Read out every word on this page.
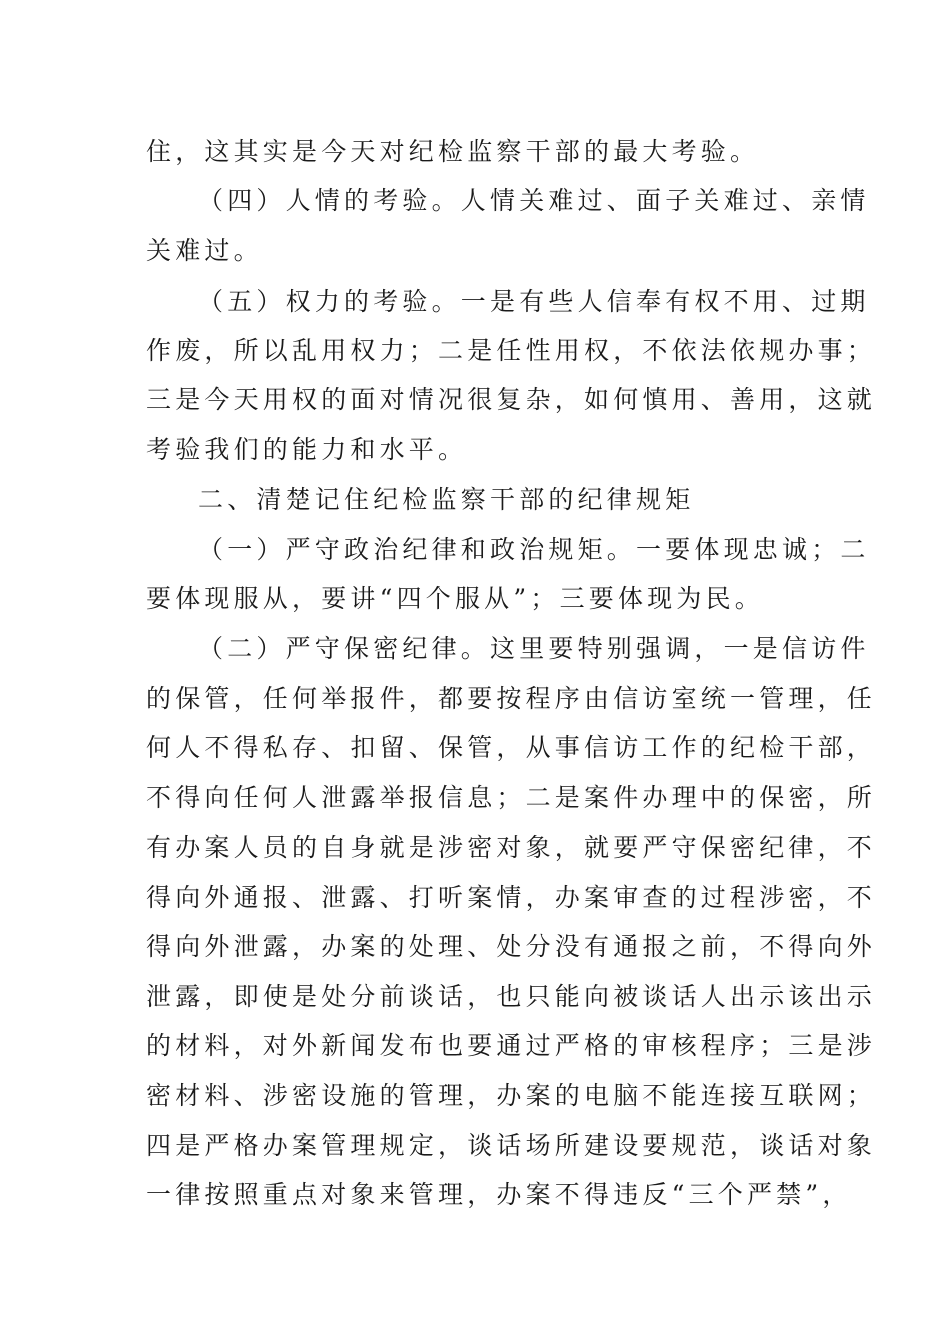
住，这其实是今天对纪检监察干部的最大考验。
（四）人情的考验。人情关难过、面子关难过、亲情
关难过。
（五）权力的考验。一是有些人信奉有权不用、过期
作废，所以乱用权力；二是任性用权，不依法依规办事；
三是今天用权的面对情况很复杂，如何慎用、善用，这就
考验我们的能力和水平。
二、清楚记住纪检监察干部的纪律规矩
（一）严守政治纪律和政治规矩。一要体现忠诚；二
要体现服从，要讲“四个服从”；三要体现为民。
（二）严守保密纪律。这里要特别强调，一是信访件
的保管，任何举报件，都要按程序由信访室统一管理，任
何人不得私存、扣留、保管，从事信访工作的纪检干部，
不得向任何人泄露举报信息；二是案件办理中的保密，所
有办案人员的自身就是涉密对象，就要严守保密纪律，不
得向外通报、泄露、打听案情，办案审查的过程涉密，不
得向外泄露，办案的处理、处分没有通报之前，不得向外
泄露，即使是处分前谈话，也只能向被谈话人出示该出示
的材料，对外新闻发布也要通过严格的审核程序；三是涉
密材料、涉密设施的管理，办案的电脑不能连接互联网；
四是严格办案管理规定，谈话场所建设要规范，谈话对象
一律按照重点对象来管理，办案不得违反“三个严禁”，
